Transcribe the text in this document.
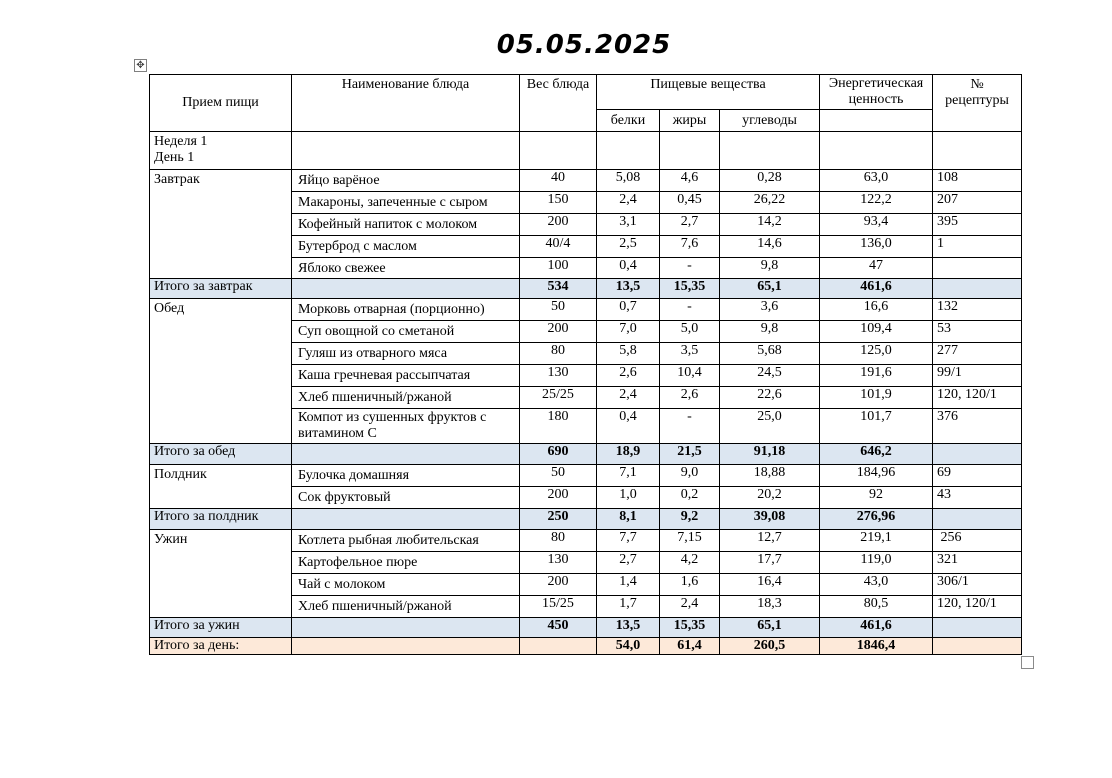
05.05.2025
✥
Прием пищи	Наименование блюда	Вес блюда	Пищевые вещества			Энергетическая ценность	№ рецептуры
			белки	жиры	углеводы		

Неделя 1
День 1							

Завтрак	Яйцо варёное	40	5,08	4,6	0,28	63,0	108
	Макароны, запеченные с сыром	150	2,4	0,45	26,22	122,2	207
	Кофейный напиток с молоком	200	3,1	2,7	14,2	93,4	395
	Бутерброд с маслом	40/4	2,5	7,6	14,6	136,0	1
	Яблоко свежее	100	0,4	-	9,8	47	
Итого за завтрак		534	13,5	15,35	65,1	461,6	
Обед	Морковь отварная (порционно)	50	0,7	-	3,6	16,6	132
	Суп овощной со сметаной	200	7,0	5,0	9,8	109,4	53
	Гуляш из отварного мяса	80	5,8	3,5	5,68	125,0	277
	Каша гречневая рассыпчатая	130	2,6	10,4	24,5	191,6	99/1
	Хлеб пшеничный/ржаной	25/25	2,4	2,6	22,6	101,9	120, 120/1
	Компот из сушенных фруктов с витамином С	180	0,4	-	25,0	101,7	376
Итого за обед		690	18,9	21,5	91,18	646,2	
Полдник	Булочка домашняя	50	7,1	9,0	18,88	184,96	69
	Сок фруктовый	200	1,0	0,2	20,2	92	43
Итого за полдник		250	8,1	9,2	39,08	276,96	
Ужин	Котлета рыбная любительская	80	7,7	7,15	12,7	219,1	256
	Картофельное пюре	130	2,7	4,2	17,7	119,0	321
	Чай с молоком	200	1,4	1,6	16,4	43,0	306/1
	Хлеб пшеничный/ржаной	15/25	1,7	2,4	18,3	80,5	120, 120/1
Итого за ужин		450	13,5	15,35	65,1	461,6	
Итого за день:			54,0	61,4	260,5	1846,4	
